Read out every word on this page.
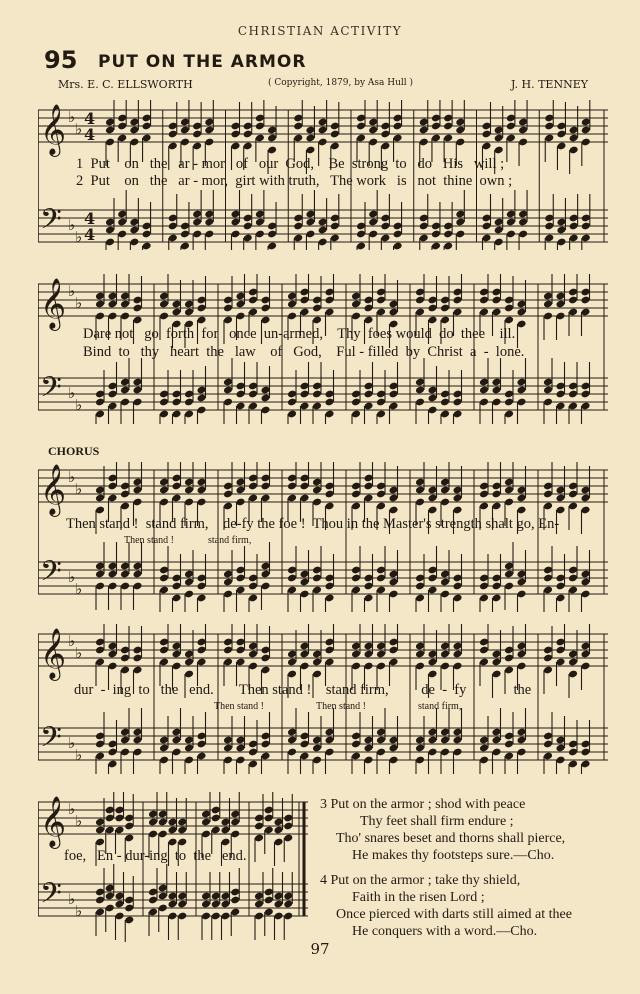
CHRISTIAN ACTIVITY
95 PUT ON THE ARMOR
Mrs. E. C. ELLSWORTH	( Copyright, 1879, by Asa Hull )	J. H. TENNEY
𝄞
𝄢
♭
♭
♭
♭
4
4
4
4
1  Put    on   the   ar - mor   of   our  God,    Be  strong  to   do   His   will ;
2  Put    on   the   ar - mor,  girt with truth,   The work   is   not  thine  own ;
𝄞
𝄢
♭
♭
♭
♭
Dare not   go  forth  for   once  un-armed,    Thy  foes would  do  thee    ill.
Bind  to   thy   heart  the   law    of   God,    Ful - filled  by  Christ  a  -  lone.
CHORUS
𝄞
𝄢
♭
♭
♭
♭
Then stand !  stand firm,    de-fy the foe !  Thou in the Master's strength shalt go, En-
Then stand !	stand firm,
𝄞
𝄢
♭
♭
♭
♭
dur  -  ing  to   the   end.       Then stand !    stand firm,         de  -  fy             the
Then stand !	Then stand !	stand firm,
𝄞
𝄢
♭
♭
♭
♭
foe,   En - dur-ing  to  the   end.
3 Put on the armor ; shod with peace
Thy feet shall firm endure ;
Tho' snares beset and thorns shall pierce,
He makes thy footsteps sure.—Cho.
4 Put on the armor ; take thy shield,
Faith in the risen Lord ;
Once pierced with darts still aimed at thee
He conquers with a word.—Cho.
97
